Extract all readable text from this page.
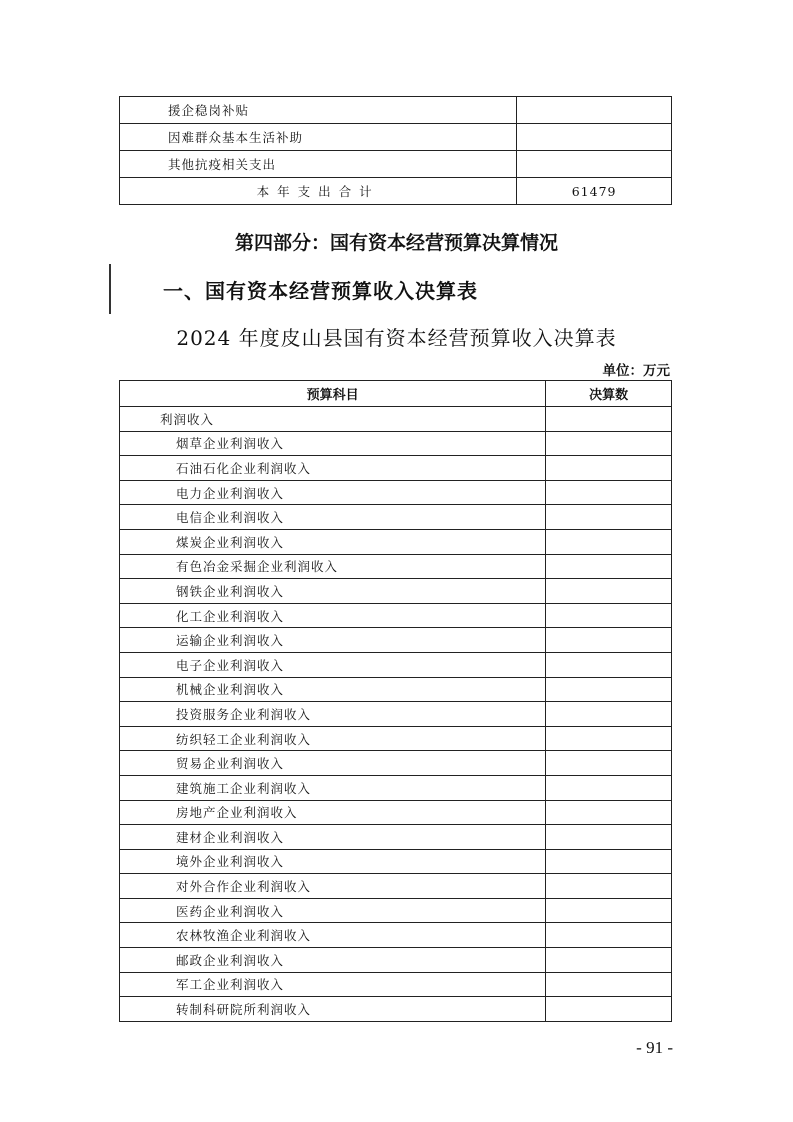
援企稳岗补贴	
因难群众基本生活补助	
其他抗疫相关支出	
本年支出合计	61479
第四部分：国有资本经营预算决算情况
一、国有资本经营预算收入决算表
2024 年度皮山县国有资本经营预算收入决算表
单位：万元
预算科目	决算数
利润收入	
烟草企业利润收入	
石油石化企业利润收入	
电力企业利润收入	
电信企业利润收入	
煤炭企业利润收入	
有色冶金采掘企业利润收入	
钢铁企业利润收入	
化工企业利润收入	
运输企业利润收入	
电子企业利润收入	
机械企业利润收入	
投资服务企业利润收入	
纺织轻工企业利润收入	
贸易企业利润收入	
建筑施工企业利润收入	
房地产企业利润收入	
建材企业利润收入	
境外企业利润收入	
对外合作企业利润收入	
医药企业利润收入	
农林牧渔企业利润收入	
邮政企业利润收入	
军工企业利润收入	
转制科研院所利润收入	
- 91 -
